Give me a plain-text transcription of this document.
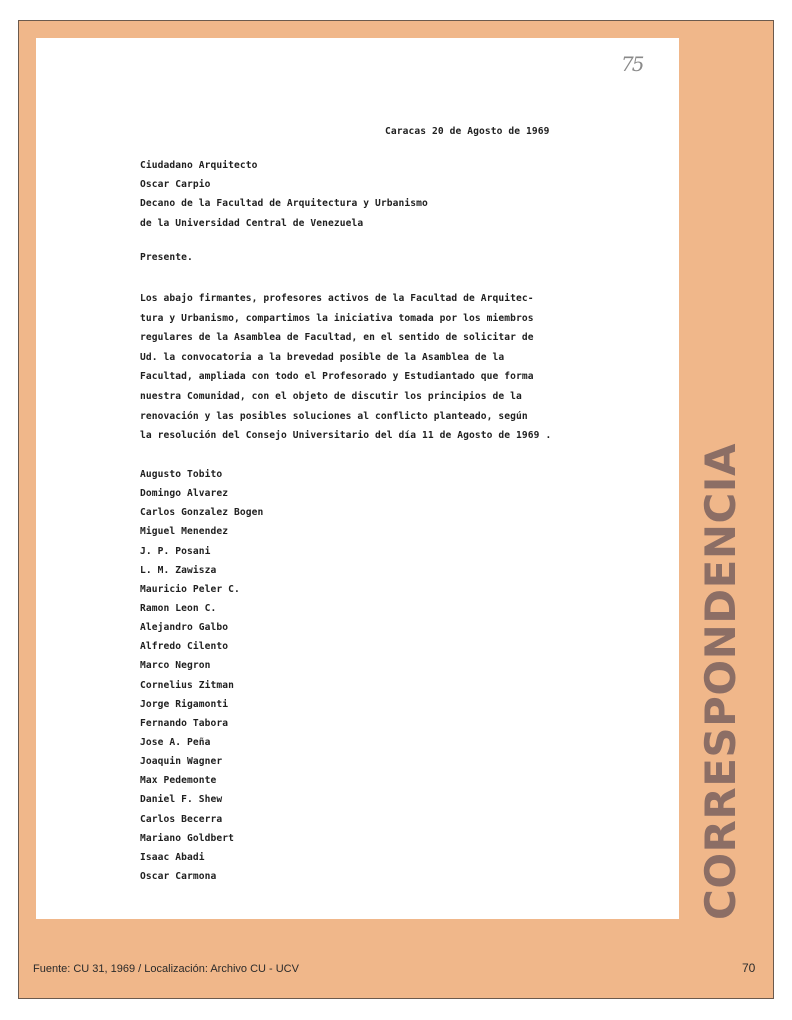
75

Caracas 20 de Agosto de 1969

Ciudadano Arquitecto

Oscar Carpio

Decano de la Facultad de Arquitectura y Urbanismo

de la Universidad Central de Venezuela

Presente.

Los abajo firmantes, profesores activos de la Facultad de Arquitec-

tura y Urbanismo, compartimos la iniciativa tomada por los miembros

regulares de la Asamblea de Facultad, en el sentido de solicitar de

Ud. la convocatoria a la brevedad posible de la Asamblea de la

Facultad, ampliada con todo el Profesorado y Estudiantado que forma

nuestra Comunidad, con el objeto de discutir los principios de la

renovación y las posibles soluciones al conflicto planteado, según

la resolución del Consejo Universitario del día 11 de Agosto de 1969 .

Augusto Tobito

Domingo Alvarez

Carlos Gonzalez Bogen

Miguel Menendez

J. P. Posani

L. M. Zawisza

Mauricio Peler C.

Ramon Leon C.

Alejandro Galbo

Alfredo Cilento

Marco Negron

Cornelius Zitman

Jorge Rigamonti

Fernando Tabora

Jose A. Peña

Joaquin Wagner

Max Pedemonte

Daniel F. Shew

Carlos Becerra

Mariano Goldbert

Isaac Abadi

Oscar Carmona	CORRESPONDENCIA
Fuente: CU 31, 1969 / Localización: Archivo CU - UCV	70
